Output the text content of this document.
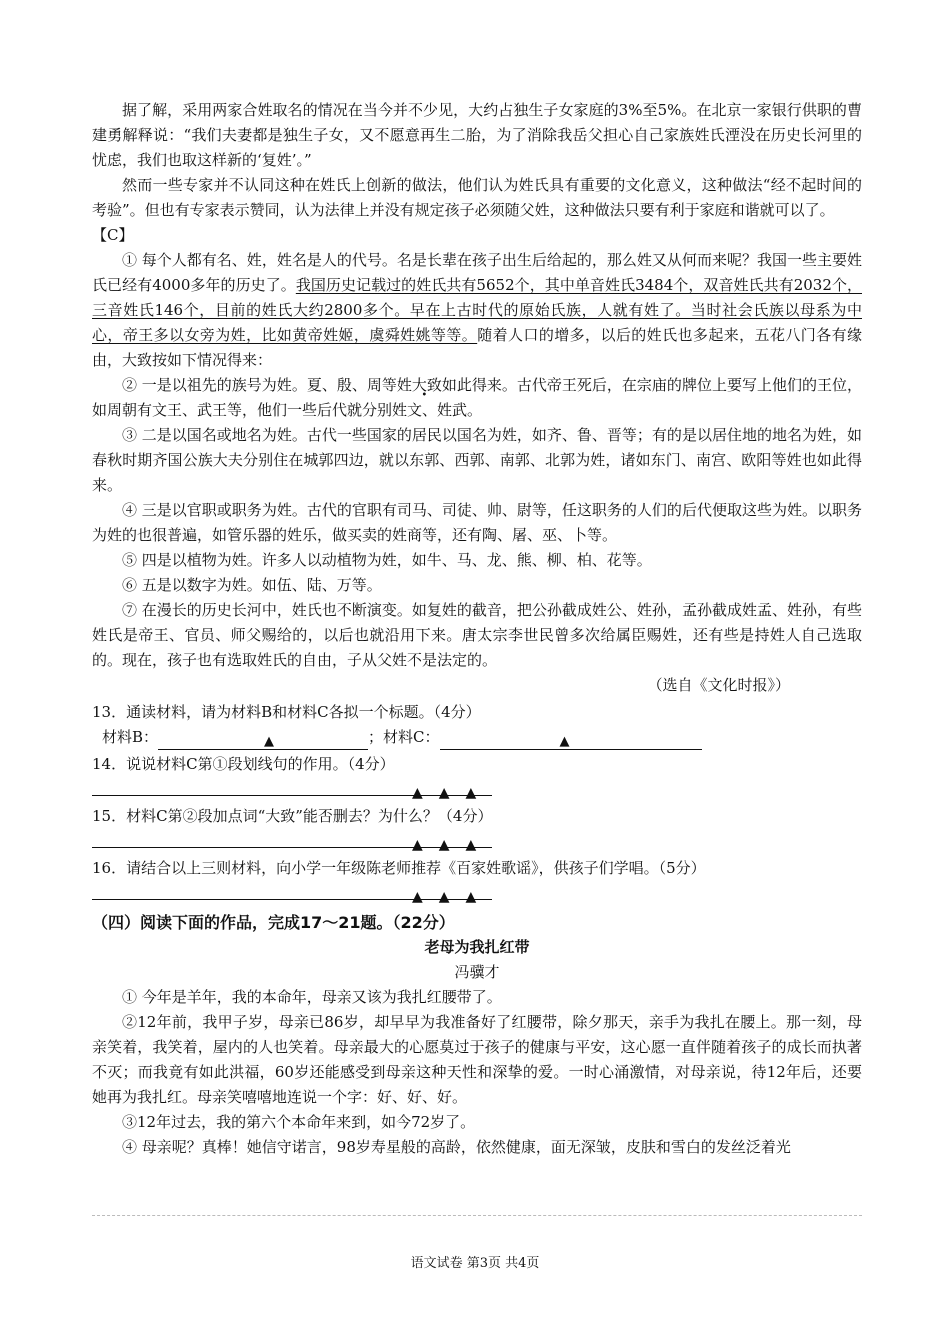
据了解，采用两家合姓取名的情况在当今并不少见，大约占独生子女家庭的3%至5%。在北京一家银行供职的曹建勇解释说：“我们夫妻都是独生子女，又不愿意再生二胎，为了消除我岳父担心自己家族姓氏湮没在历史长河里的忧虑，我们也取这样新的‘复姓’。”

然而一些专家并不认同这种在姓氏上创新的做法，他们认为姓氏具有重要的文化意义，这种做法“经不起时间的考验”。但也有专家表示赞同，认为法律上并没有规定孩子必须随父姓，这种做法只要有利于家庭和谐就可以了。

【C】

① 每个人都有名、姓，姓名是人的代号。名是长辈在孩子出生后给起的，那么姓又从何而来呢？我国一些主要姓氏已经有4000多年的历史了。我国历史记载过的姓氏共有5652个，其中单音姓氏3484个，双音姓氏共有2032个，三音姓氏146个，目前的姓氏大约2800多个。早在上古时代的原始氏族，人就有姓了。当时社会氏族以母系为中心，帝王多以女旁为姓，比如黄帝姓姬，虞舜姓姚等等。随着人口的增多，以后的姓氏也多起来，五花八门各有缘由，大致按如下情况得来：

② 一是以祖先的族号为姓。夏、殷、周等姓大致如此得来。古代帝王死后，在宗庙的牌位上要写上他们的王位，如周朝有文王、武王等，他们一些后代就分别姓文、姓武。

③ 二是以国名或地名为姓。古代一些国家的居民以国名为姓，如齐、鲁、晋等；有的是以居住地的地名为姓，如春秋时期齐国公族大夫分别住在城郭四边，就以东郭、西郭、南郭、北郭为姓，诸如东门、南宫、欧阳等姓也如此得来。

④ 三是以官职或职务为姓。古代的官职有司马、司徒、帅、尉等，任这职务的人们的后代便取这些为姓。以职务为姓的也很普遍，如管乐器的姓乐，做买卖的姓商等，还有陶、屠、巫、卜等。

⑤ 四是以植物为姓。许多人以动植物为姓，如牛、马、龙、熊、柳、柏、花等。

⑥ 五是以数字为姓。如伍、陆、万等。

⑦ 在漫长的历史长河中，姓氏也不断演变。如复姓的截音，把公孙截成姓公、姓孙，孟孙截成姓孟、姓孙，有些姓氏是帝王、官员、师父赐给的，以后也就沿用下来。唐太宗李世民曾多次给属臣赐姓，还有些是持姓人自己选取的。现在，孩子也有选取姓氏的自由，子从父姓不是法定的。

（选自《文化时报》）

13．通读材料，请为材料B和材料C各拟一个标题。（4分）

材料B：	▲	；材料C：	▲

14．说说材料C第①段划线句的作用。（4分）

▲▲▲

15．材料C第②段加点词“大致”能否删去？为什么？（4分）

▲▲▲

16．请结合以上三则材料，向小学一年级陈老师推荐《百家姓歌谣》，供孩子们学唱。（5分）

▲▲▲

（四）阅读下面的作品，完成17～21题。（22分）

老母为我扎红带

冯骥才

① 今年是羊年，我的本命年，母亲又该为我扎红腰带了。

②12年前，我甲子岁，母亲已86岁，却早早为我准备好了红腰带，除夕那天，亲手为我扎在腰上。那一刻，母亲笑着，我笑着，屋内的人也笑着。母亲最大的心愿莫过于孩子的健康与平安，这心愿一直伴随着孩子的成长而执著不灭；而我竟有如此洪福，60岁还能感受到母亲这种天性和深挚的爱。一时心涌激情，对母亲说，待12年后，还要她再为我扎红。母亲笑嘻嘻地连说一个字：好、好、好。

③12年过去，我的第六个本命年来到，如今72岁了。

④ 母亲呢？真棒！她信守诺言，98岁寿星般的高龄，依然健康，面无深皱，皮肤和雪白的发丝泛着光

语文试卷 第3页 共4页
